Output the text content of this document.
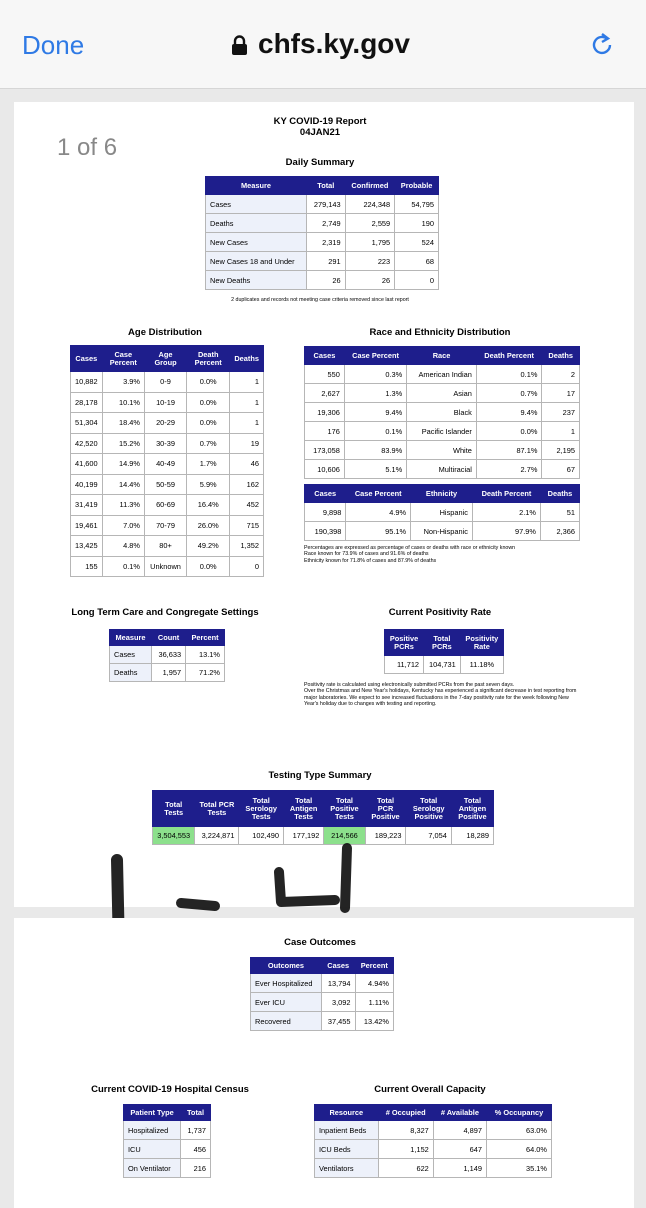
Done	chfs.ky.gov
1 of 6
KY COVID-19 Report
04JAN21
Daily Summary
Measure	Total	Confirmed	Probable
Cases	279,143	224,348	54,795
Deaths	2,749	2,559	190
New Cases	2,319	1,795	524
New Cases 18 and Under	291	223	68
New Deaths	26	26	0
2 duplicates and records not meeting case criteria removed since last report
Age Distribution
Cases	Case Percent	Age Group	Death Percent	Deaths
10,882	3.9%	0-9	0.0%	1
28,178	10.1%	10-19	0.0%	1
51,304	18.4%	20-29	0.0%	1
42,520	15.2%	30-39	0.7%	19
41,600	14.9%	40-49	1.7%	46
40,199	14.4%	50-59	5.9%	162
31,419	11.3%	60-69	16.4%	452
19,461	7.0%	70-79	26.0%	715
13,425	4.8%	80+	49.2%	1,352
155	0.1%	Unknown	0.0%	0
Race and Ethnicity Distribution
Cases	Case Percent	Race	Death Percent	Deaths
550	0.3%	American Indian	0.1%	2
2,627	1.3%	Asian	0.7%	17
19,306	9.4%	Black	9.4%	237
176	0.1%	Pacific Islander	0.0%	1
173,058	83.9%	White	87.1%	2,195
10,606	5.1%	Multiracial	2.7%	67
Cases	Case Percent	Ethnicity	Death Percent	Deaths
9,898	4.9%	Hispanic	2.1%	51
190,398	95.1%	Non-Hispanic	97.9%	2,366
Percentages are expressed as percentage of cases or deaths with race or ethnicity known
Race known for 73.9% of cases and 91.6% of deaths
Ethnicity known for 71.8% of cases and 87.9% of deaths
Long Term Care and Congregate Settings
Measure	Count	Percent
Cases	36,633	13.1%
Deaths	1,957	71.2%
Current Positivity Rate
Positive PCRs	Total PCRs	Positivity Rate
11,712	104,731	11.18%
Positivity rate is calculated using electronically submitted PCRs from the past seven days.
Over the Christmas and New Year's holidays, Kentucky has experienced a significant decrease in test reporting from major laboratories. We expect to see increased fluctuations in the 7-day positivity rate for the week following New Year's holiday due to changes with testing and reporting.
Testing Type Summary
Total Tests	Total PCR Tests	Total Serology Tests	Total Antigen Tests	Total Positive Tests	Total PCR Positive	Total Serology Positive	Total Antigen Positive
3,504,553	3,224,871	102,490	177,192	214,566	189,223	7,054	18,289
Case Outcomes
Outcomes	Cases	Percent
Ever Hospitalized	13,794	4.94%
Ever ICU	3,092	1.11%
Recovered	37,455	13.42%
Current COVID-19 Hospital Census
Patient Type	Total
Hospitalized	1,737
ICU	456
On Ventilator	216
Current Overall Capacity
Resource	# Occupied	# Available	% Occupancy
Inpatient Beds	8,327	4,897	63.0%
ICU Beds	1,152	647	64.0%
Ventilators	622	1,149	35.1%
